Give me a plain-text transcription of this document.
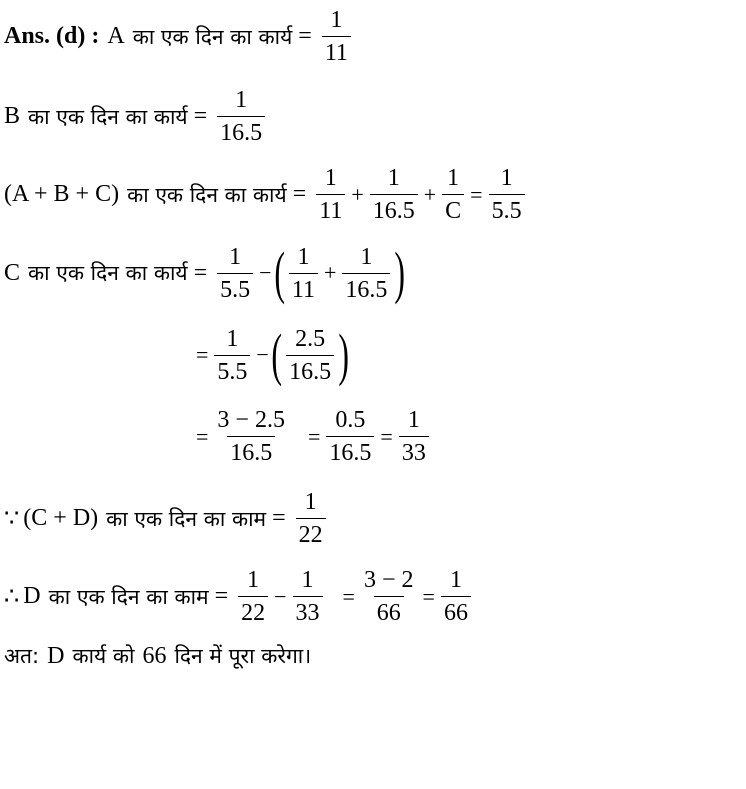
Ans. (d) : A का एक दिन का कार्य = $\frac{1}{11}$
B का एक दिन का कार्य = $\frac{1}{16.5}$
(A + B + C) का एक दिन का कार्य = $\frac{1}{11} + \frac{1}{16.5} + \frac{1}{C} = \frac{1}{5.5}$
C का एक दिन का कार्य = $\frac{1}{5.5}$ − ( $\frac{1}{11} + \frac{1}{16.5}$ )
= $\frac{1}{5.5}$ − ( $\frac{2.5}{16.5}$ )
= $\frac{3 - 2.5}{16.5} = \frac{0.5}{16.5} = \frac{1}{33}$
∵ (C + D) का एक दिन का काम = $\frac{1}{22}$
∴ D का एक दिन का काम = $\frac{1}{22} - \frac{1}{33} = \frac{3 - 2}{66} = \frac{1}{66}$
अत: D कार्य को 66 दिन में पूरा करेगा।
